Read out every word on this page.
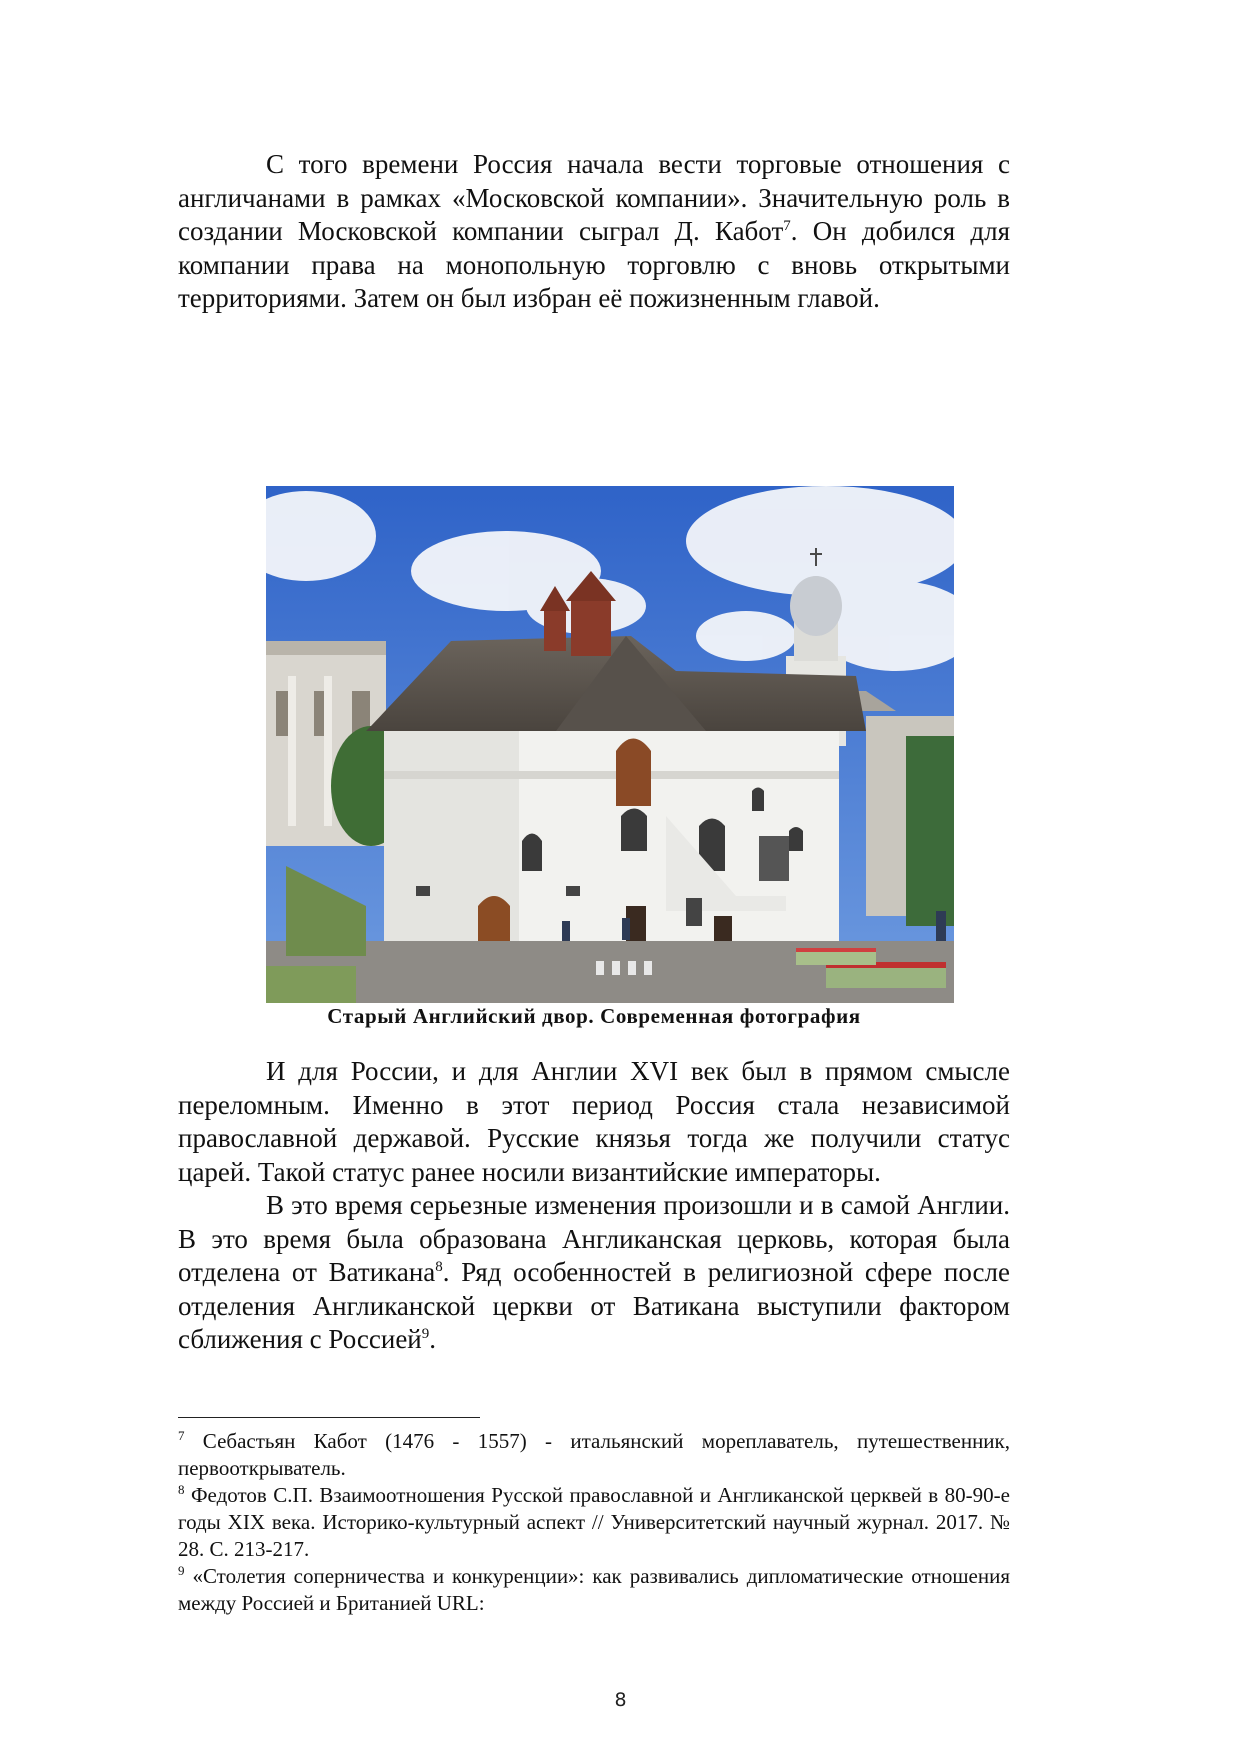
С того времени Россия начала вести торговые отношения с англичанами в рамках «Московской компании». Значительную роль в создании Московской компании сыграл Д. Кабот$^7$. Он добился для компании права на монопольную торговлю с вновь открытыми территориями. Затем он был избран её пожизненным главой.

Старый Английский двор. Современная фотография

И для России, и для Англии XVI век был в прямом смысле переломным. Именно в этот период Россия стала независимой православной державой. Русские князья тогда же получили статус царей. Такой статус ранее носили византийские императоры.

В это время серьезные изменения произошли и в самой Англии. В это время была образована Англиканская церковь, которая была отделена от Ватикана$^8$. Ряд особенностей в религиозной сфере после отделения Англиканской церкви от Ватикана выступили фактором сближения с Россией$^9$.

$^7$ Себастьян Кабот (1476 - 1557) - итальянский мореплаватель, путешественник, первооткрыватель.

$^8$ Федотов С.П. Взаимоотношения Русской православной и Англиканской церквей в 80-90-е годы XIX века. Историко-культурный аспект // Университетский научный журнал. 2017. № 28. С. 213-217.

$^9$ «Столетия соперничества и конкуренции»: как развивались дипломатические отношения между Россией и Британией URL:

8
